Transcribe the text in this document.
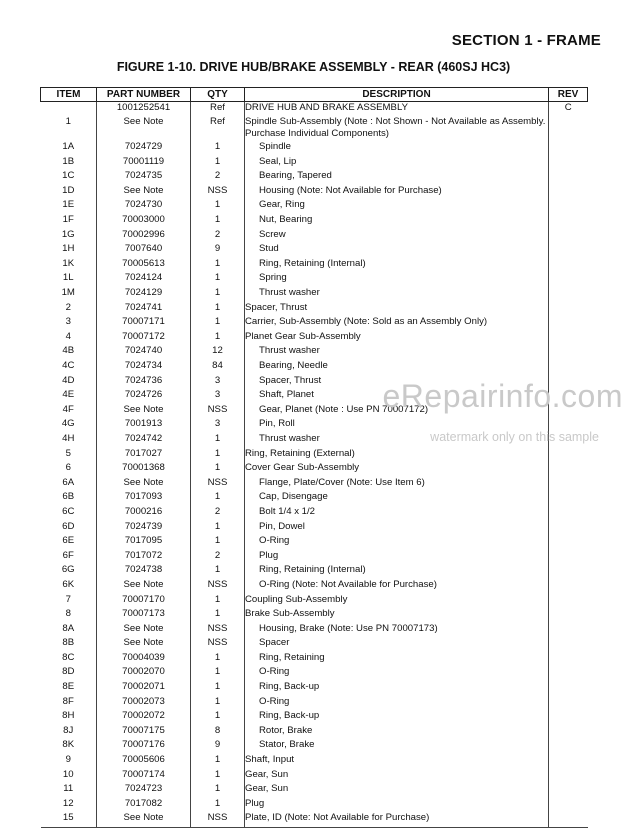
SECTION 1 - FRAME
FIGURE 1-10. DRIVE HUB/BRAKE ASSEMBLY - REAR (460SJ HC3)
ITEM	PART NUMBER	QTY	DESCRIPTION	REV
	1001252541	Ref	DRIVE HUB AND BRAKE ASSEMBLY	C
1	See Note	Ref	Spindle Sub-Assembly (Note : Not Shown - Not Available as Assembly. Purchase Individual Components)	
1A	7024729	1	Spindle	
1B	70001119	1	Seal, Lip	
1C	7024735	2	Bearing, Tapered	
1D	See Note	NSS	Housing (Note: Not Available for Purchase)	
1E	7024730	1	Gear, Ring	
1F	70003000	1	Nut, Bearing	
1G	70002996	2	Screw	
1H	7007640	9	Stud	
1K	70005613	1	Ring, Retaining (Internal)	
1L	7024124	1	Spring	
1M	7024129	1	Thrust washer	
2	7024741	1	Spacer, Thrust	
3	70007171	1	Carrier, Sub-Assembly (Note: Sold as an Assembly Only)	
4	70007172	1	Planet Gear Sub-Assembly	
4B	7024740	12	Thrust washer	
4C	7024734	84	Bearing, Needle	
4D	7024736	3	Spacer, Thrust	
4E	7024726	3	Shaft, Planet	
4F	See Note	NSS	Gear, Planet (Note : Use PN 70007172)	
4G	7001913	3	Pin, Roll	
4H	7024742	1	Thrust washer	
5	7017027	1	Ring, Retaining (External)	
6	70001368	1	Cover Gear Sub-Assembly	
6A	See Note	NSS	Flange, Plate/Cover (Note: Use Item 6)	
6B	7017093	1	Cap, Disengage	
6C	7000216	2	Bolt 1/4 x 1/2	
6D	7024739	1	Pin, Dowel	
6E	7017095	1	O-Ring	
6F	7017072	2	Plug	
6G	7024738	1	Ring, Retaining (Internal)	
6K	See Note	NSS	O-Ring (Note: Not Available for Purchase)	
7	70007170	1	Coupling Sub-Assembly	
8	70007173	1	Brake Sub-Assembly	
8A	See Note	NSS	Housing, Brake (Note: Use PN 70007173)	
8B	See Note	NSS	Spacer	
8C	70004039	1	Ring, Retaining	
8D	70002070	1	O-Ring	
8E	70002071	1	Ring, Back-up	
8F	70002073	1	O-Ring	
8H	70002072	1	Ring, Back-up	
8J	70007175	8	Rotor, Brake	
8K	70007176	9	Stator, Brake	
9	70005606	1	Shaft, Input	
10	70007174	1	Gear, Sun	
11	7024723	1	Gear, Sun	
12	7017082	1	Plug	
15	See Note	NSS	Plate, ID (Note: Not Available for Purchase)	
eRepairinfo.com
watermark only on this sample
